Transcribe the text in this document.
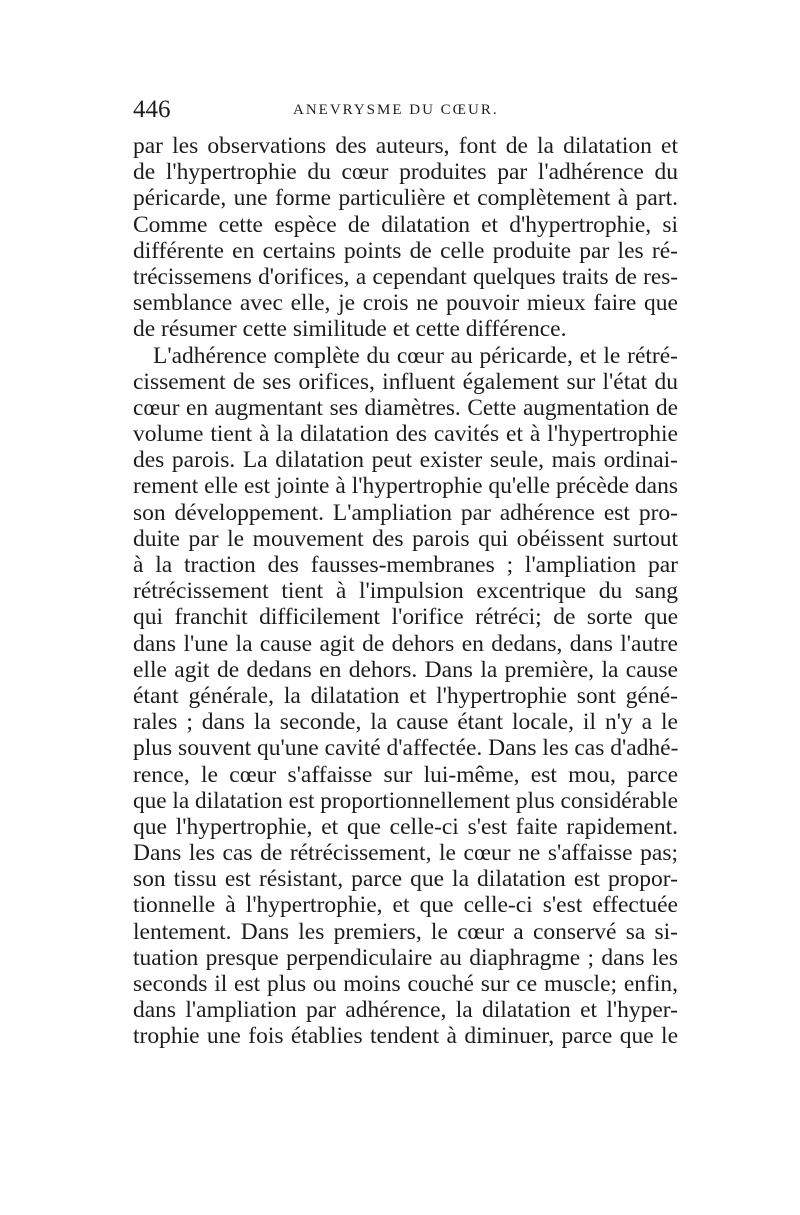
446	ANEVRYSME DU CŒUR.
par les observations des auteurs, font de la dilatation et
de l'hypertrophie du cœur produites par l'adhérence du
péricarde, une forme particulière et complètement à part.
Comme cette espèce de dilatation et d'hypertrophie, si
différente en certains points de celle produite par les ré-
trécissemens d'orifices, a cependant quelques traits de res-
semblance avec elle, je crois ne pouvoir mieux faire que
de résumer cette similitude et cette différence.
L'adhérence complète du cœur au péricarde, et le rétré-
cissement de ses orifices, influent également sur l'état du
cœur en augmentant ses diamètres. Cette augmentation de
volume tient à la dilatation des cavités et à l'hypertrophie
des parois. La dilatation peut exister seule, mais ordinai-
rement elle est jointe à l'hypertrophie qu'elle précède dans
son développement. L'ampliation par adhérence est pro-
duite par le mouvement des parois qui obéissent surtout
à la traction des fausses-membranes ; l'ampliation par
rétrécissement tient à l'impulsion excentrique du sang
qui franchit difficilement l'orifice rétréci; de sorte que
dans l'une la cause agit de dehors en dedans, dans l'autre
elle agit de dedans en dehors. Dans la première, la cause
étant générale, la dilatation et l'hypertrophie sont géné-
rales ; dans la seconde, la cause étant locale, il n'y a le
plus souvent qu'une cavité d'affectée. Dans les cas d'adhé-
rence, le cœur s'affaisse sur lui-même, est mou, parce
que la dilatation est proportionnellement plus considérable
que l'hypertrophie, et que celle-ci s'est faite rapidement.
Dans les cas de rétrécissement, le cœur ne s'affaisse pas;
son tissu est résistant, parce que la dilatation est propor-
tionnelle à l'hypertrophie, et que celle-ci s'est effectuée
lentement. Dans les premiers, le cœur a conservé sa si-
tuation presque perpendiculaire au diaphragme ; dans les
seconds il est plus ou moins couché sur ce muscle; enfin,
dans l'ampliation par adhérence, la dilatation et l'hyper-
trophie une fois établies tendent à diminuer, parce que le
